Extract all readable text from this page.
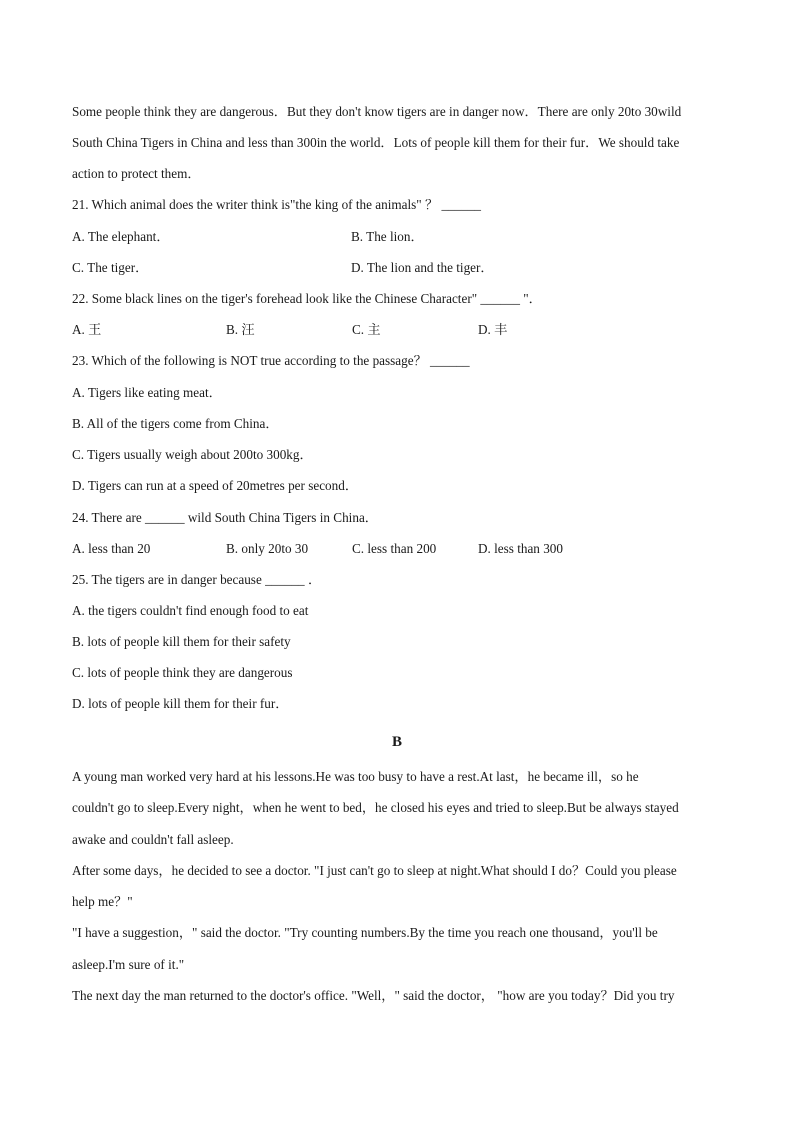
Some people think they are dangerous．But they don't know tigers are in danger now．There are only 20to 30wild
South China Tigers in China and less than 300in the world．Lots of people kill them for their fur．We should take
action to protect them．
21. Which animal does the writer think is"the king of the animals" ？ ______
A. The elephant．	B. The lion．
C. The tiger．	D. The lion and the tiger．
22. Some black lines on the tiger's forehead look like the Chinese Character" ______ "．
A. 王	B. 汪	C. 主	D. 丰
23. Which of the following is NOT true according to the passage？ ______
A. Tigers like eating meat．
B. All of the tigers come from China．
C. Tigers usually weigh about 200to 300kg．
D. Tigers can run at a speed of 20metres per second．
24. There are ______ wild South China Tigers in China．
A. less than 20	B. only 20to 30	C. less than 200	D. less than 300
25. The tigers are in danger because ______ ．
A. the tigers couldn't find enough food to eat
B. lots of people kill them for their safety
C. lots of people think they are dangerous
D. lots of people kill them for their fur．
B
A young man worked very hard at his lessons.He was too busy to have a rest.At last，he became ill，so he
couldn't go to sleep.Every night，when he went to bed，he closed his eyes and tried to sleep.But be always stayed
awake and couldn't fall asleep.
After some days，he decided to see a doctor. "I just can't go to sleep at night.What should I do？Could you please
help me？"
"I have a suggestion，" said the doctor. "Try counting numbers.By the time you reach one thousand，you'll be
asleep.I'm sure of it."
The next day the man returned to the doctor's office. "Well，" said the doctor， "how are you today？Did you try
